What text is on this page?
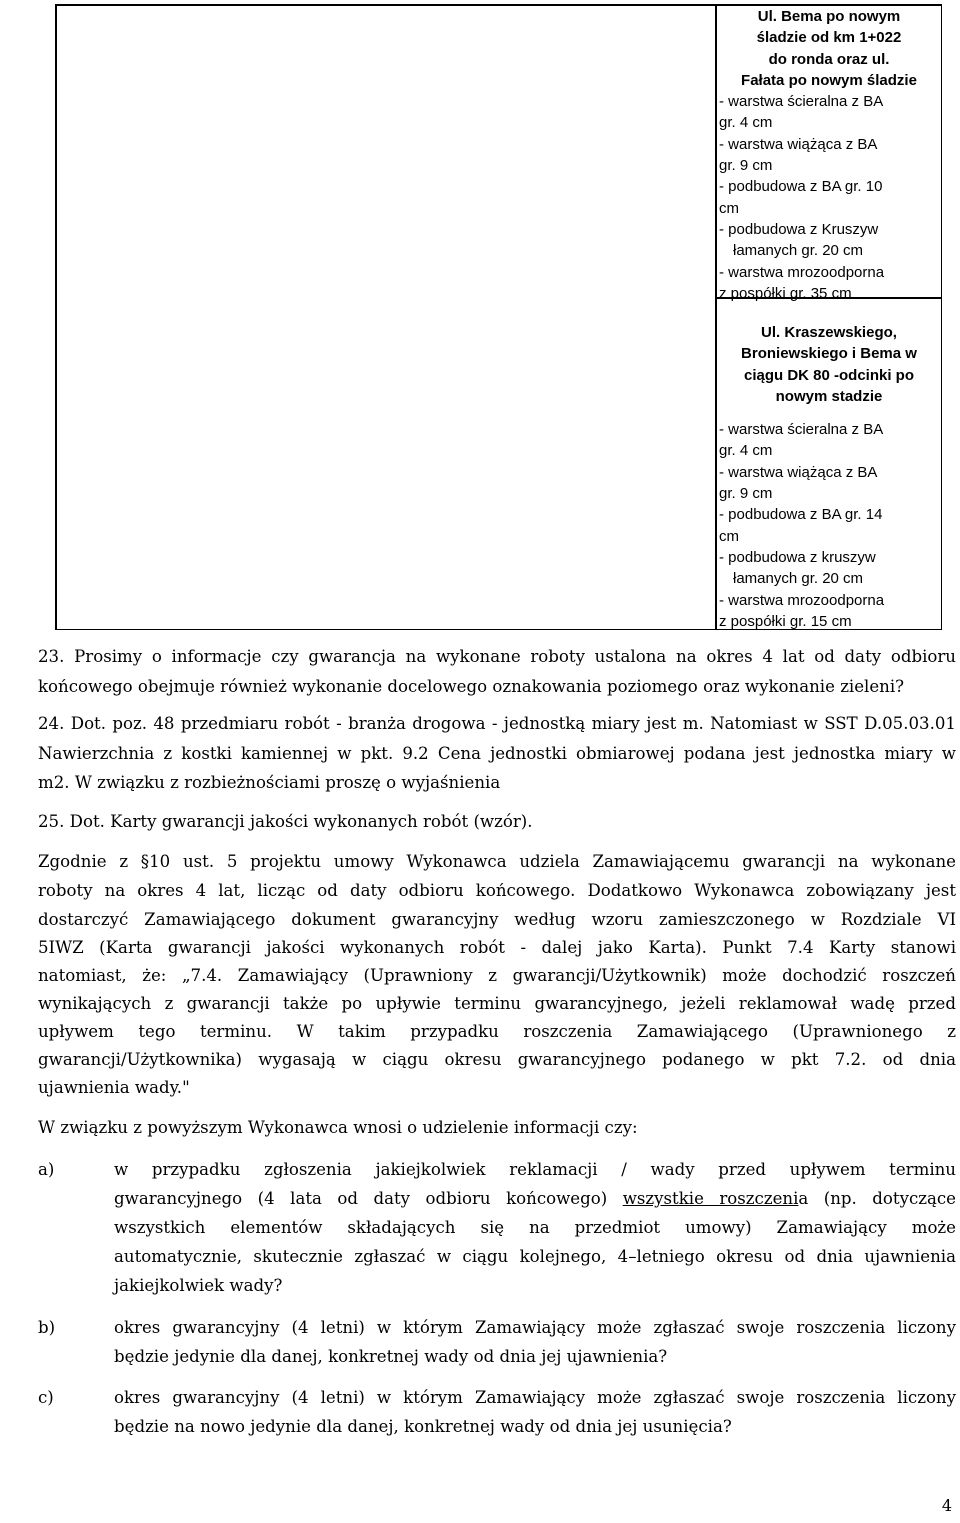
Ul. Bema po nowym
śladzie od km 1+022
do ronda oraz ul.
Fałata po nowym śladzie
- warstwa ścieralna z BA
gr. 4 cm
- warstwa wiążąca z BA
gr. 9 cm
- podbudowa z BA gr. 10
cm
- podbudowa z Kruszyw
łamanych gr. 20 cm
- warstwa mrozoodporna
z pospółki gr. 35 cm
Ul. Kraszewskiego,
Broniewskiego i Bema w
ciągu DK 80 -odcinki po
nowym stadzie
- warstwa ścieralna z BA
gr. 4 cm
- warstwa wiążąca z BA
gr. 9 cm
- podbudowa z BA gr. 14
cm
- podbudowa z kruszyw
łamanych gr. 20 cm
- warstwa mrozoodporna
z pospółki gr. 15 cm
23. Prosimy o informacje czy gwarancja na wykonane roboty ustalona na okres 4 lat od daty odbioru
końcowego obejmuje również wykonanie docelowego oznakowania poziomego oraz wykonanie zieleni?
24. Dot. poz. 48 przedmiaru robót - branża drogowa - jednostką miary jest m. Natomiast w SST D.05.03.01
Nawierzchnia z kostki kamiennej w pkt. 9.2 Cena jednostki obmiarowej podana jest jednostka miary w
m2. W związku z rozbieżnościami proszę o wyjaśnienia
25. Dot. Karty gwarancji jakości wykonanych robót (wzór).
Zgodnie z §10 ust. 5 projektu umowy Wykonawca udziela Zamawiającemu gwarancji na wykonane
roboty na okres 4 lat, licząc od daty odbioru końcowego. Dodatkowo Wykonawca zobowiązany jest
dostarczyć Zamawiającego dokument gwarancyjny według wzoru zamieszczonego w Rozdziale VI
5IWZ (Karta gwarancji jakości wykonanych robót - dalej jako Karta). Punkt 7.4 Karty stanowi
natomiast, że: „7.4. Zamawiający (Uprawniony z gwarancji/Użytkownik) może dochodzić roszczeń
wynikających z gwarancji także po upływie terminu gwarancyjnego, jeżeli reklamował wadę przed
upływem tego terminu. W takim przypadku roszczenia Zamawiającego (Uprawnionego z
gwarancji/Użytkownika) wygasają w ciągu okresu gwarancyjnego podanego w pkt 7.2. od dnia
ujawnienia wady."
W związku z powyższym Wykonawca wnosi o udzielenie informacji czy:
a)	w przypadku zgłoszenia jakiejkolwiek reklamacji / wady przed upływem terminu
gwarancyjnego (4 lata od daty odbioru końcowego) wszystkie roszczenia (np. dotyczące
wszystkich elementów składających się na przedmiot umowy) Zamawiający może
automatycznie, skutecznie zgłaszać w ciągu kolejnego, 4–letniego okresu od dnia ujawnienia
jakiejkolwiek wady?
b)	okres gwarancyjny (4 letni) w którym Zamawiający może zgłaszać swoje roszczenia liczony
będzie jedynie dla danej, konkretnej wady od dnia jej ujawnienia?
c)	okres gwarancyjny (4 letni) w którym Zamawiający może zgłaszać swoje roszczenia liczony
będzie na nowo jedynie dla danej, konkretnej wady od dnia jej usunięcia?
4
